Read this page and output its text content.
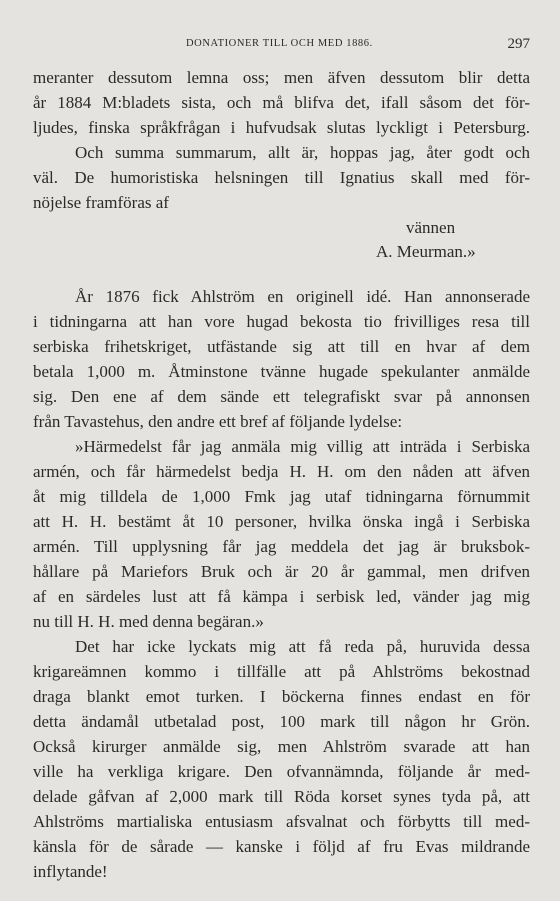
DONATIONER TILL OCH MED 1886.	297
meranter dessutom lemna oss; men äfven dessutom blir detta
år 1884 M:bladets sista, och må blifva det, ifall såsom det för-
ljudes, finska språkfrågan i hufvudsak slutas lyckligt i Petersburg.
Och summa summarum, allt är, hoppas jag, åter godt och
väl. De humoristiska helsningen till Ignatius skall med för-
nöjelse framföras af
vännen
A. Meurman.»
År 1876 fick Ahlström en originell idé. Han annonserade
i tidningarna att han vore hugad bekosta tio frivilliges resa till
serbiska frihetskriget, utfästande sig att till en hvar af dem
betala 1,000 m. Åtminstone tvänne hugade spekulanter anmälde
sig. Den ene af dem sände ett telegrafiskt svar på annonsen
från Tavastehus, den andre ett bref af följande lydelse:
»Härmedelst får jag anmäla mig villig att inträda i Serbiska
armén, och får härmedelst bedja H. H. om den nåden att äfven
åt mig tilldela de 1,000 Fmk jag utaf tidningarna förnummit
att H. H. bestämt åt 10 personer, hvilka önska ingå i Serbiska
armén. Till upplysning får jag meddela det jag är bruksbok-
hållare på Mariefors Bruk och är 20 år gammal, men drifven
af en särdeles lust att få kämpa i serbisk led, vänder jag mig
nu till H. H. med denna begäran.»
Det har icke lyckats mig att få reda på, huruvida dessa
krigareämnen kommo i tillfälle att på Ahlströms bekostnad
draga blankt emot turken. I böckerna finnes endast en för
detta ändamål utbetalad post, 100 mark till någon hr Grön.
Också kirurger anmälde sig, men Ahlström svarade att han
ville ha verkliga krigare. Den ofvannämnda, följande år med-
delade gåfvan af 2,000 mark till Röda korset synes tyda på, att
Ahlströms martialiska entusiasm afsvalnat och förbytts till med-
känsla för de sårade — kanske i följd af fru Evas mildrande
inflytande!
